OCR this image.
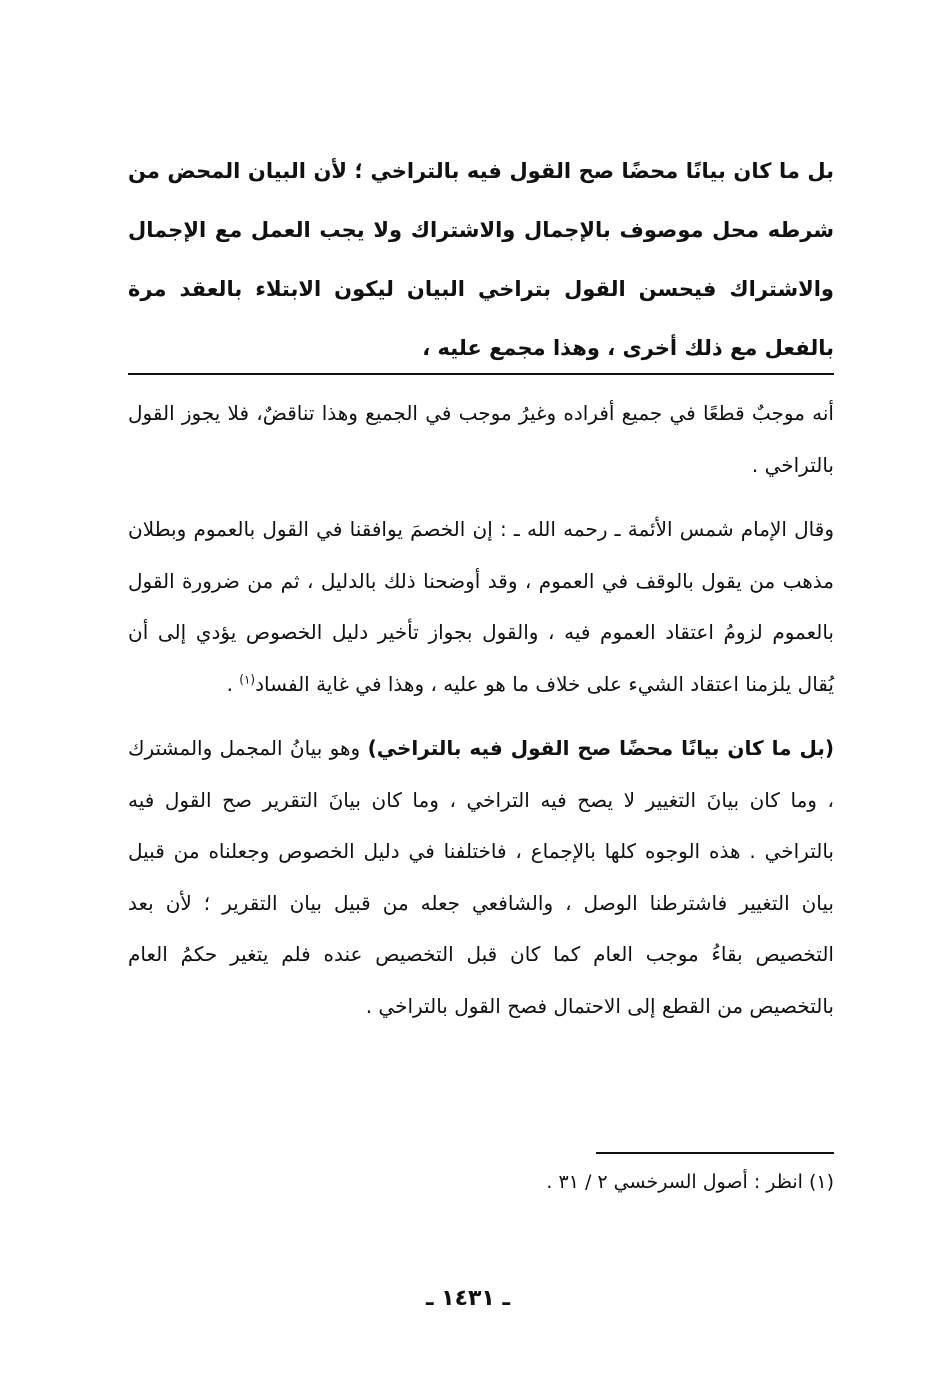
بل ما كان بيانًا محضًا صح القول فيه بالتراخي ؛ لأن البيان المحض من شرطه محل موصوف بالإجمال والاشتراك ولا يجب العمل مع الإجمال والاشتراك فيحسن القول بتراخي البيان ليكون الابتلاء بالعقد مرة بالفعل مع ذلك أخرى ، وهذا مجمع عليه ،

أنه موجبٌ قطعًا في جميع أفراده وغيرُ موجب في الجميع وهذا تناقضٌ، فلا يجوز القول بالتراخي .

وقال الإمام شمس الأئمة ـ رحمه الله ـ : إن الخصمَ يوافقنا في القول بالعموم وبطلان مذهب من يقول بالوقف في العموم ، وقد أوضحنا ذلك بالدليل ، ثم من ضرورة القول بالعموم لزومُ اعتقاد العموم فيه ، والقول بجواز تأخير دليل الخصوص يؤدي إلى أن يُقال يلزمنا اعتقاد الشيء على خلاف ما هو عليه ، وهذا في غاية الفساد$^{(١)}$ .

(بل ما كان بيانًا محضًا صح القول فيه بالتراخي) وهو بيانُ المجمل والمشترك ، وما كان بيانَ التغيير لا يصح فيه التراخي ، وما كان بيانَ التقرير صح القول فيه بالتراخي . هذه الوجوه كلها بالإجماع ، فاختلفنا في دليل الخصوص وجعلناه من قبيل بيان التغيير فاشترطنا الوصل ، والشافعي جعله من قبيل بيان التقرير ؛ لأن بعد التخصيص بقاءُ موجب العام كما كان قبل التخصيص عنده فلم يتغير حكمُ العام بالتخصيص من القطع إلى الاحتمال فصح القول بالتراخي .

(١) انظر : أصول السرخسي ٢ / ٣١ .
ـ ١٤٣١ ـ
